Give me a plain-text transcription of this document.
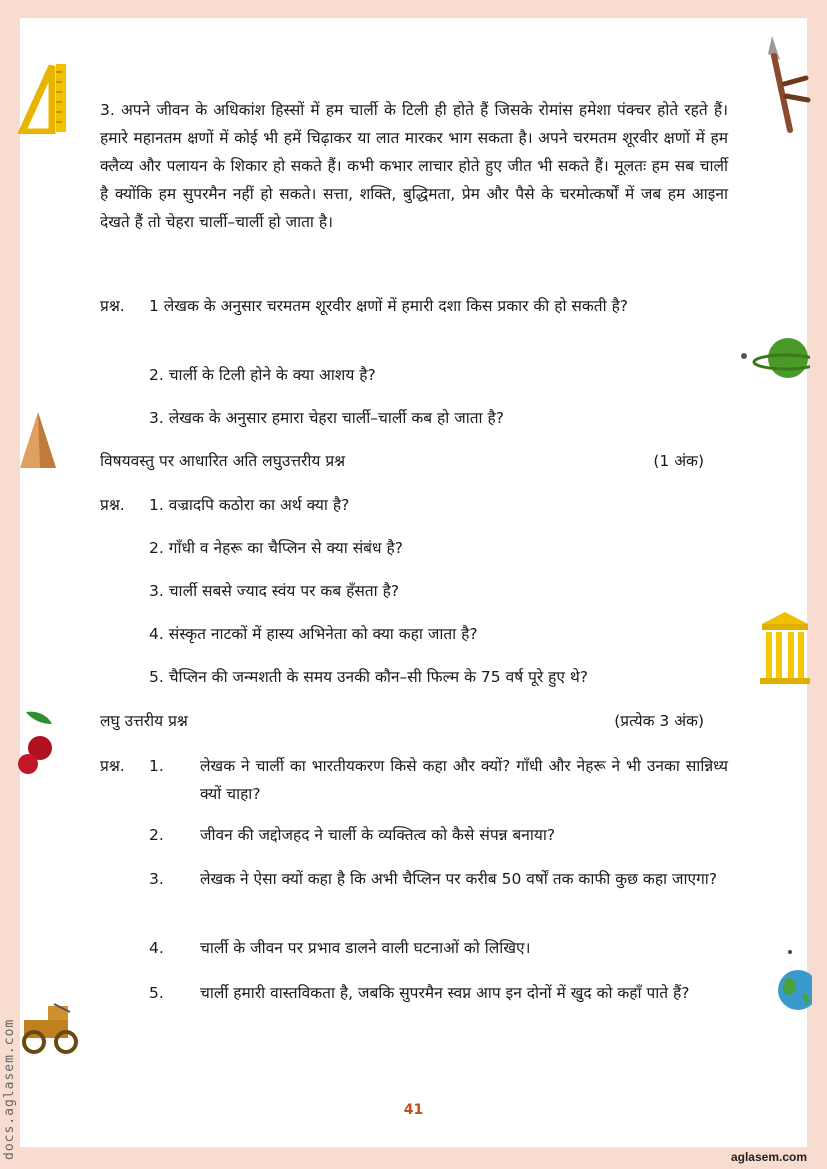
docs.aglasem.com
3. अपने जीवन के अधिकांश हिस्सों में हम चार्ली के टिली ही होते हैं जिसके रोमांस हमेशा पंक्चर होते रहते हैं। हमारे महानतम क्षणों में कोई भी हमें चिढ़ाकर या लात मारकर भाग सकता है। अपने चरमतम शूरवीर क्षणों में हम क्लैव्य और पलायन के शिकार हो सकते हैं। कभी कभार लाचार होते हुए जीत भी सकते हैं। मूलतः हम सब चार्ली है क्योंकि हम सुपरमैन नहीं हो सकते। सत्ता, शक्ति, बुद्धिमता, प्रेम और पैसे के चरमोत्कर्षों में जब हम आइना देखते हैं तो चेहरा चार्ली–चार्ली हो जाता है।
प्रश्न. 1 लेखक के अनुसार चरमतम शूरवीर क्षणों में हमारी दशा किस प्रकार की हो सकती है?
2. चार्ली के टिली होने के क्या आशय है?
3. लेखक के अनुसार हमारा चेहरा चार्ली–चार्ली कब हो जाता है?
विषयवस्तु पर आधारित अति लघुउत्तरीय प्रश्न	(1 अंक)
प्रश्न. 1. वज्रादपि कठोरा का अर्थ क्या है?
2. गाँधी व नेहरू का चैप्लिन से क्या संबंध है?
3. चार्ली सबसे ज्याद स्वंय पर कब हँसता है?
4. संस्कृत नाटकों में हास्य अभिनेता को क्या कहा जाता है?
5. चैप्लिन की जन्मशती के समय उनकी कौन–सी फिल्म के 75 वर्ष पूरे हुए थे?
लघु उत्तरीय प्रश्न	(प्रत्येक 3 अंक)
प्रश्न. 1. लेखक ने चार्ली का भारतीयकरण किसे कहा और क्यों? गाँधी और नेहरू ने भी उनका सान्निध्य क्यों चाहा?
2. जीवन की जद्दोजहद ने चार्ली के व्यक्तित्व को कैसे संपन्न बनाया?
3. लेखक ने ऐसा क्यों कहा है कि अभी चैप्लिन पर करीब 50 वर्षों तक काफी कुछ कहा जाएगा?
4. चार्ली के जीवन पर प्रभाव डालने वाली घटनाओं को लिखिए।
5. चार्ली हमारी वास्तविकता है, जबकि सुपरमैन स्वप्न आप इन दोनों में खुद को कहाँ पाते हैं?
41
aglasem.com
